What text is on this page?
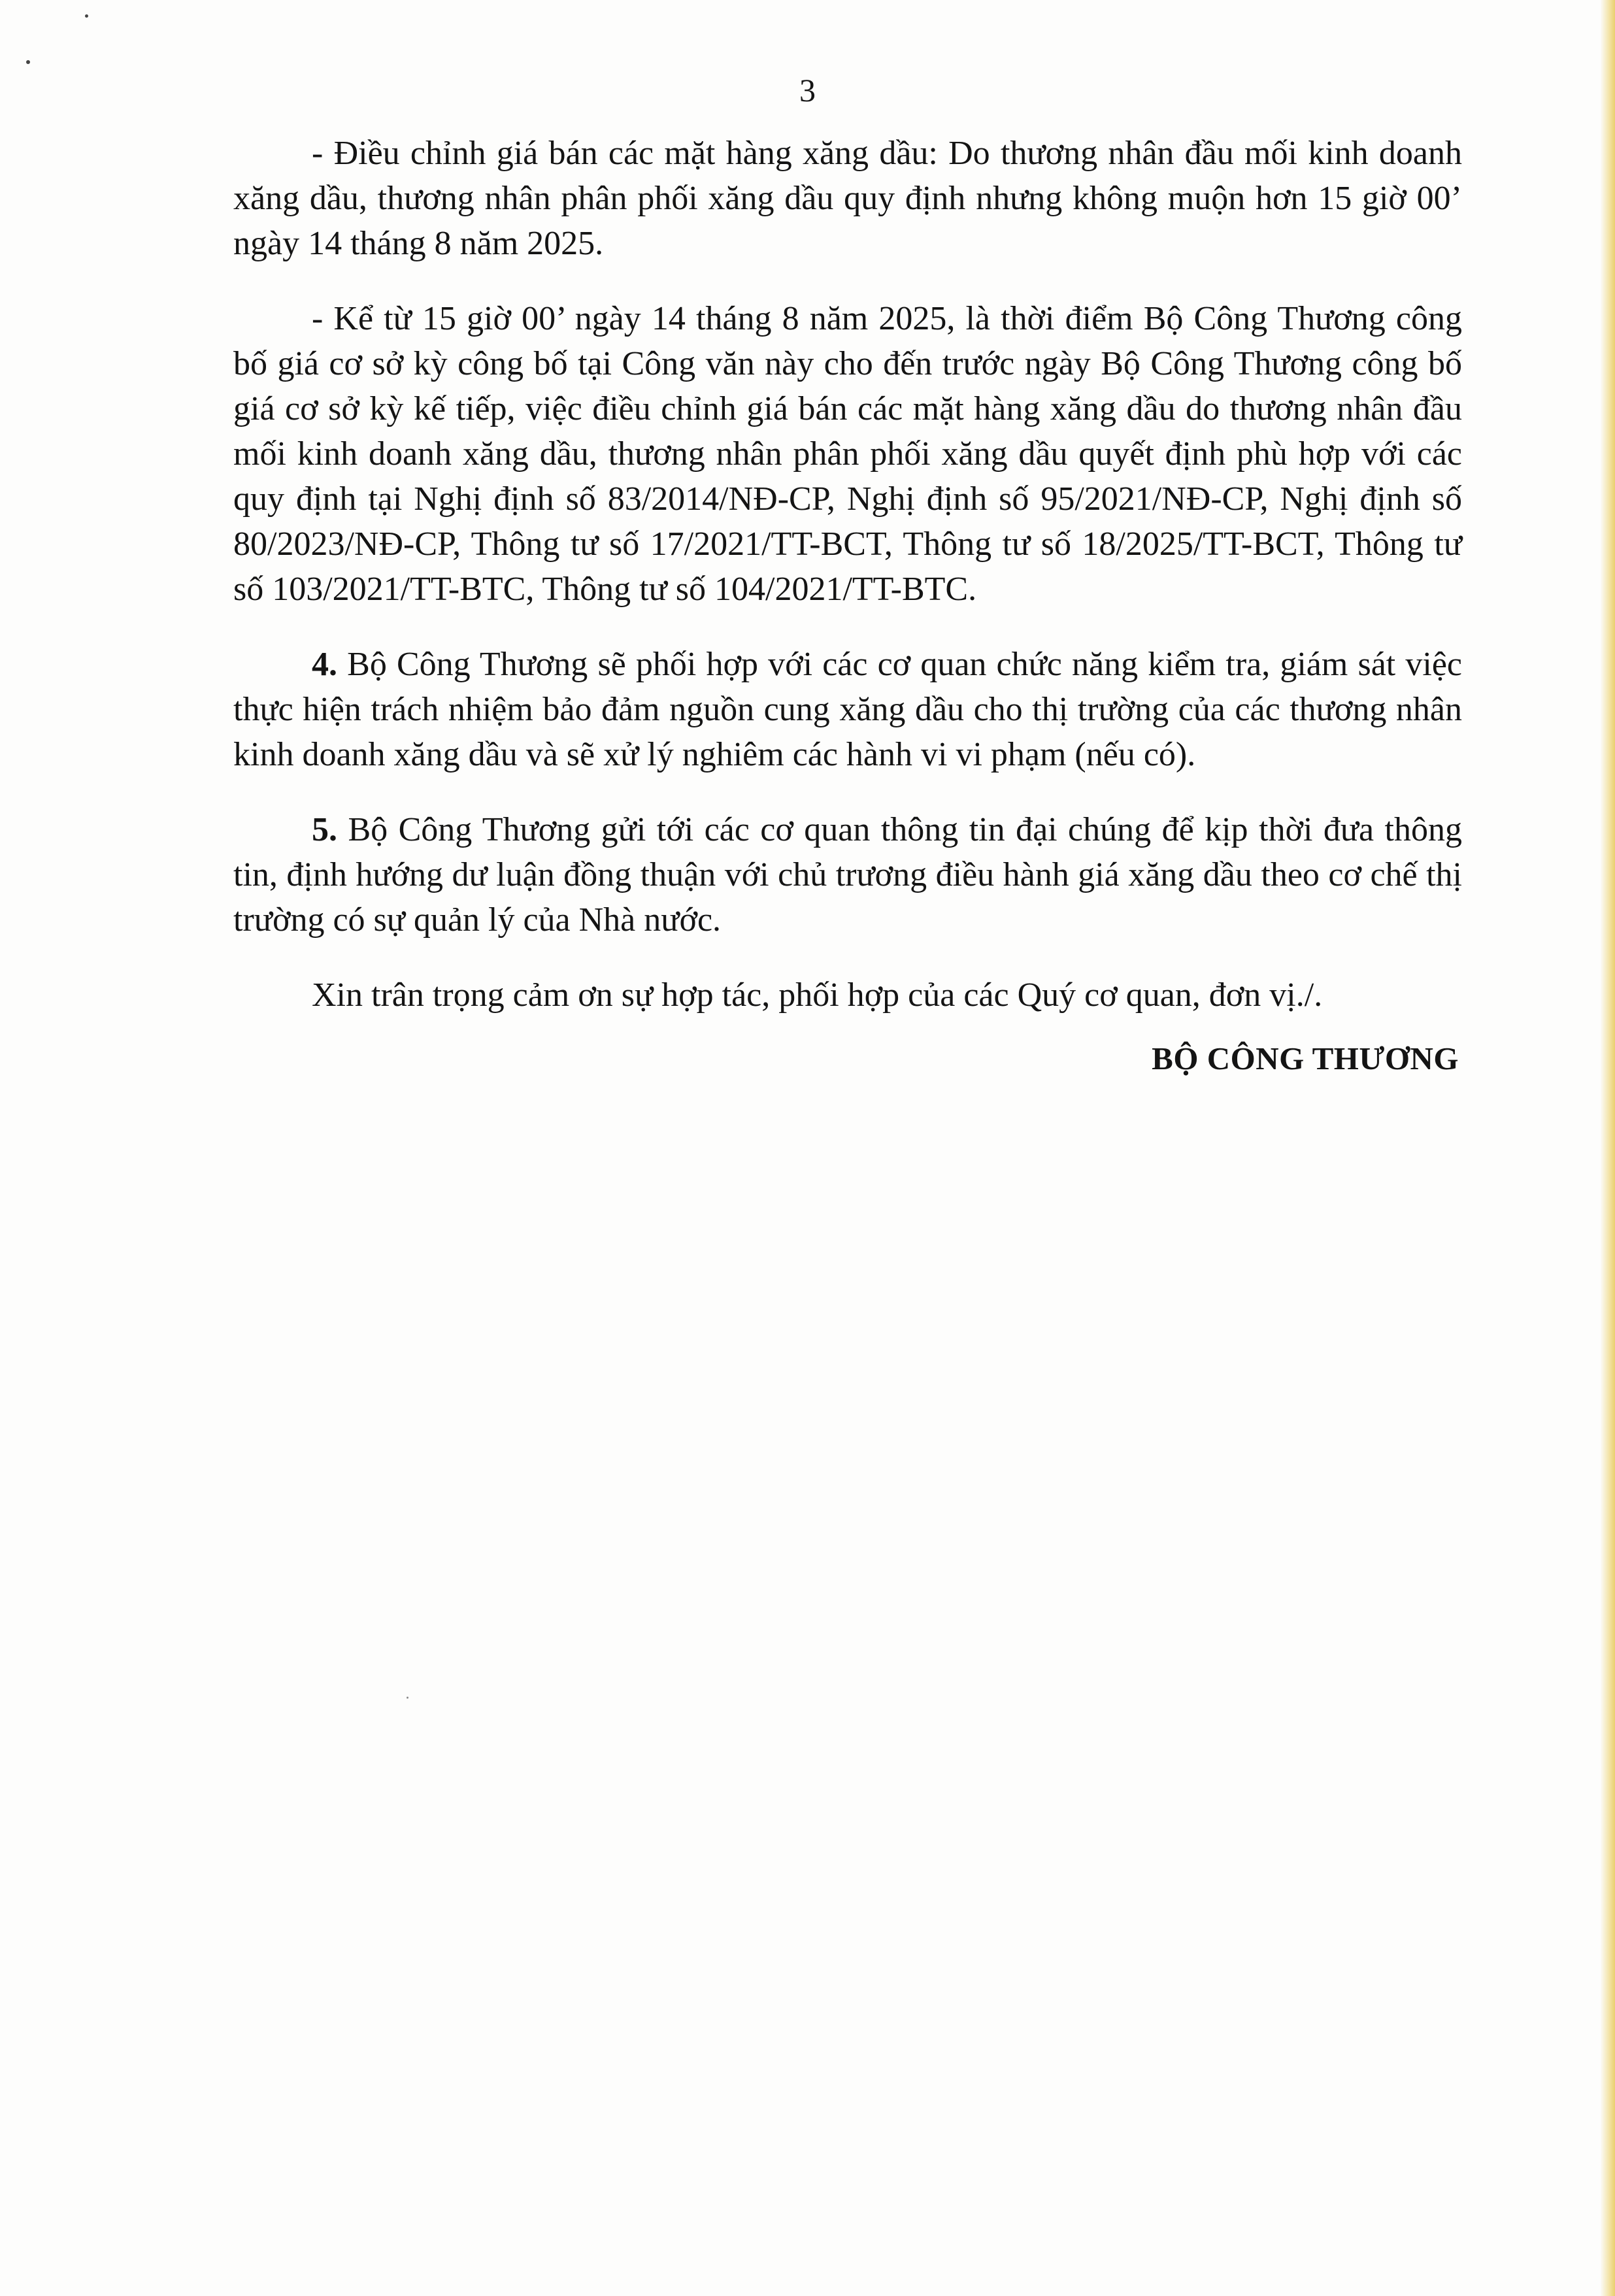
3

- Điều chỉnh giá bán các mặt hàng xăng dầu: Do thương nhân đầu mối kinh doanh xăng dầu, thương nhân phân phối xăng dầu quy định nhưng không muộn hơn 15 giờ 00’ ngày 14 tháng 8 năm 2025.

- Kể từ 15 giờ 00’ ngày 14 tháng 8 năm 2025, là thời điểm Bộ Công Thương công bố giá cơ sở kỳ công bố tại Công văn này cho đến trước ngày Bộ Công Thương công bố giá cơ sở kỳ kế tiếp, việc điều chỉnh giá bán các mặt hàng xăng dầu do thương nhân đầu mối kinh doanh xăng dầu, thương nhân phân phối xăng dầu quyết định phù hợp với các quy định tại Nghị định số 83/2014/NĐ-CP, Nghị định số 95/2021/NĐ-CP, Nghị định số 80/2023/NĐ-CP, Thông tư số 17/2021/TT-BCT, Thông tư số 18/2025/TT-BCT, Thông tư số 103/2021/TT-BTC, Thông tư số 104/2021/TT-BTC.

4. Bộ Công Thương sẽ phối hợp với các cơ quan chức năng kiểm tra, giám sát việc thực hiện trách nhiệm bảo đảm nguồn cung xăng dầu cho thị trường của các thương nhân kinh doanh xăng dầu và sẽ xử lý nghiêm các hành vi vi phạm (nếu có).

5. Bộ Công Thương gửi tới các cơ quan thông tin đại chúng để kịp thời đưa thông tin, định hướng dư luận đồng thuận với chủ trương điều hành giá xăng dầu theo cơ chế thị trường có sự quản lý của Nhà nước.

Xin trân trọng cảm ơn sự hợp tác, phối hợp của các Quý cơ quan, đơn vị./.

BỘ CÔNG THƯƠNG
